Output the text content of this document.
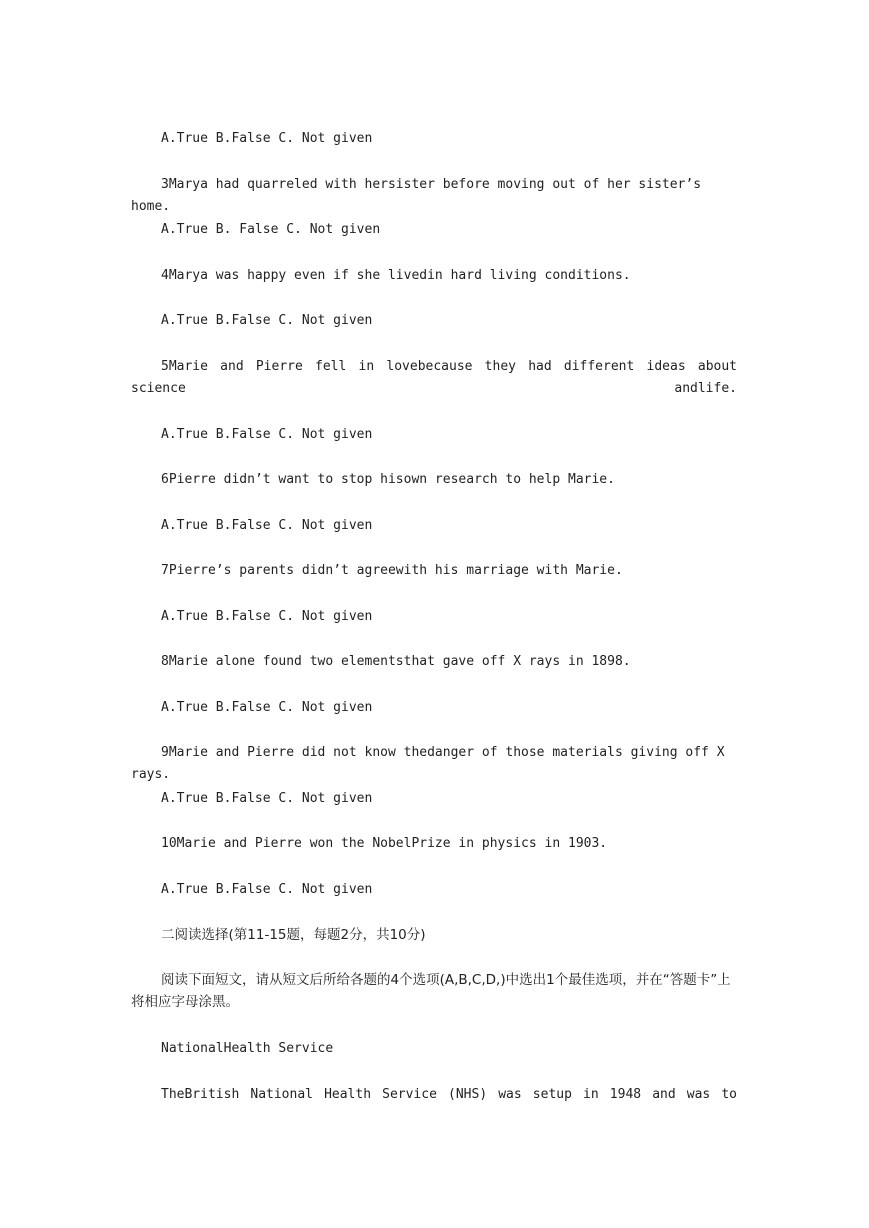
A.True B.False C. Not given
3Marya had quarreled with hersister before moving out of her sister’s home.
A.True B. False C. Not given
4Marya was happy even if she livedin hard living conditions.
A.True B.False C. Not given
5Marie and Pierre fell in lovebecause they had different ideas about science andlife.
A.True B.False C. Not given
6Pierre didn’t want to stop hisown research to help Marie.
A.True B.False C. Not given
7Pierre’s parents didn’t agreewith his marriage with Marie.
A.True B.False C. Not given
8Marie alone found two elementsthat gave off X rays in 1898.
A.True B.False C. Not given
9Marie and Pierre did not know thedanger of those materials giving off X rays.
A.True B.False C. Not given
10Marie and Pierre won the NobelPrize in physics in 1903.
A.True B.False C. Not given
二阅读选择(第11-15题，每题2分，共10分)
阅读下面短文，请从短文后所给各题的4个选项(A,B,C,D,)中选出1个最佳选项，并在“答题卡”上将相应字母涂黑。
NationalHealth Service
TheBritish National Health Service (NHS) was setup in 1948 and was to
